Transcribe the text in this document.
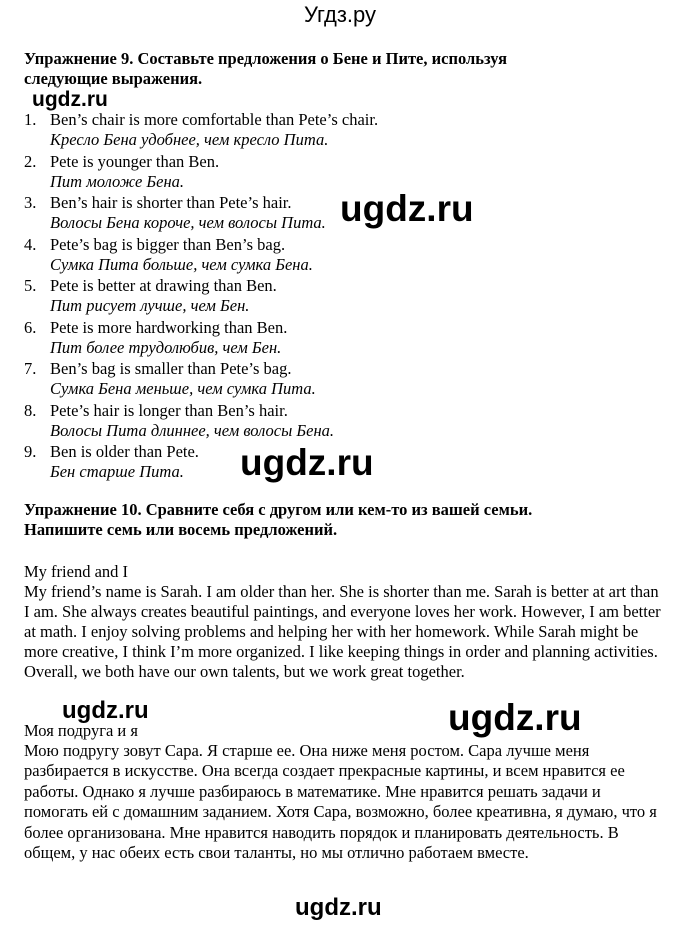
Угдз.ру
Упражнение 9. Составьте предложения о Бене и Пите, используя
следующие выражения.
ugdz.ru
1. Ben’s chair is more comfortable than Pete’s chair.
Кресло Бена удобнее, чем кресло Пита.
2. Pete is younger than Ben.
Пит моложе Бена.
3. Ben’s hair is shorter than Pete’s hair.
Волосы Бена короче, чем волосы Пита.
4. Pete’s bag is bigger than Ben’s bag.
Сумка Пита больше, чем сумка Бена.
5. Pete is better at drawing than Ben.
Пит рисует лучше, чем Бен.
6. Pete is more hardworking than Ben.
Пит более трудолюбив, чем Бен.
7. Ben’s bag is smaller than Pete’s bag.
Сумка Бена меньше, чем сумка Пита.
8. Pete’s hair is longer than Ben’s hair.
Волосы Пита длиннее, чем волосы Бена.
9. Ben is older than Pete.
Бен старше Пита.
ugdz.ru
ugdz.ru
Упражнение 10. Сравните себя с другом или кем-то из вашей семьи.
Напишите семь или восемь предложений.
My friend and I
My friend’s name is Sarah. I am older than her. She is shorter than me. Sarah is better at art than I am. She always creates beautiful paintings, and everyone loves her work. However, I am better at math. I enjoy solving problems and helping her with her homework. While Sarah might be more creative, I think I’m more organized. I like keeping things in order and planning activities. Overall, we both have our own talents, but we work great together.
ugdz.ru	ugdz.ru
Моя подруга и я
Мою подругу зовут Сара. Я старше ее. Она ниже меня ростом. Сара лучше меня разбирается в искусстве. Она всегда создает прекрасные картины, и всем нравится ее работы. Однако я лучше разбираюсь в математике. Мне нравится решать задачи и помогать ей с домашним заданием. Хотя Сара, возможно, более креативна, я думаю, что я более организована. Мне нравится наводить порядок и планировать деятельность. В общем, у нас обеих есть свои таланты, но мы отлично работаем вместе.
ugdz.ru
